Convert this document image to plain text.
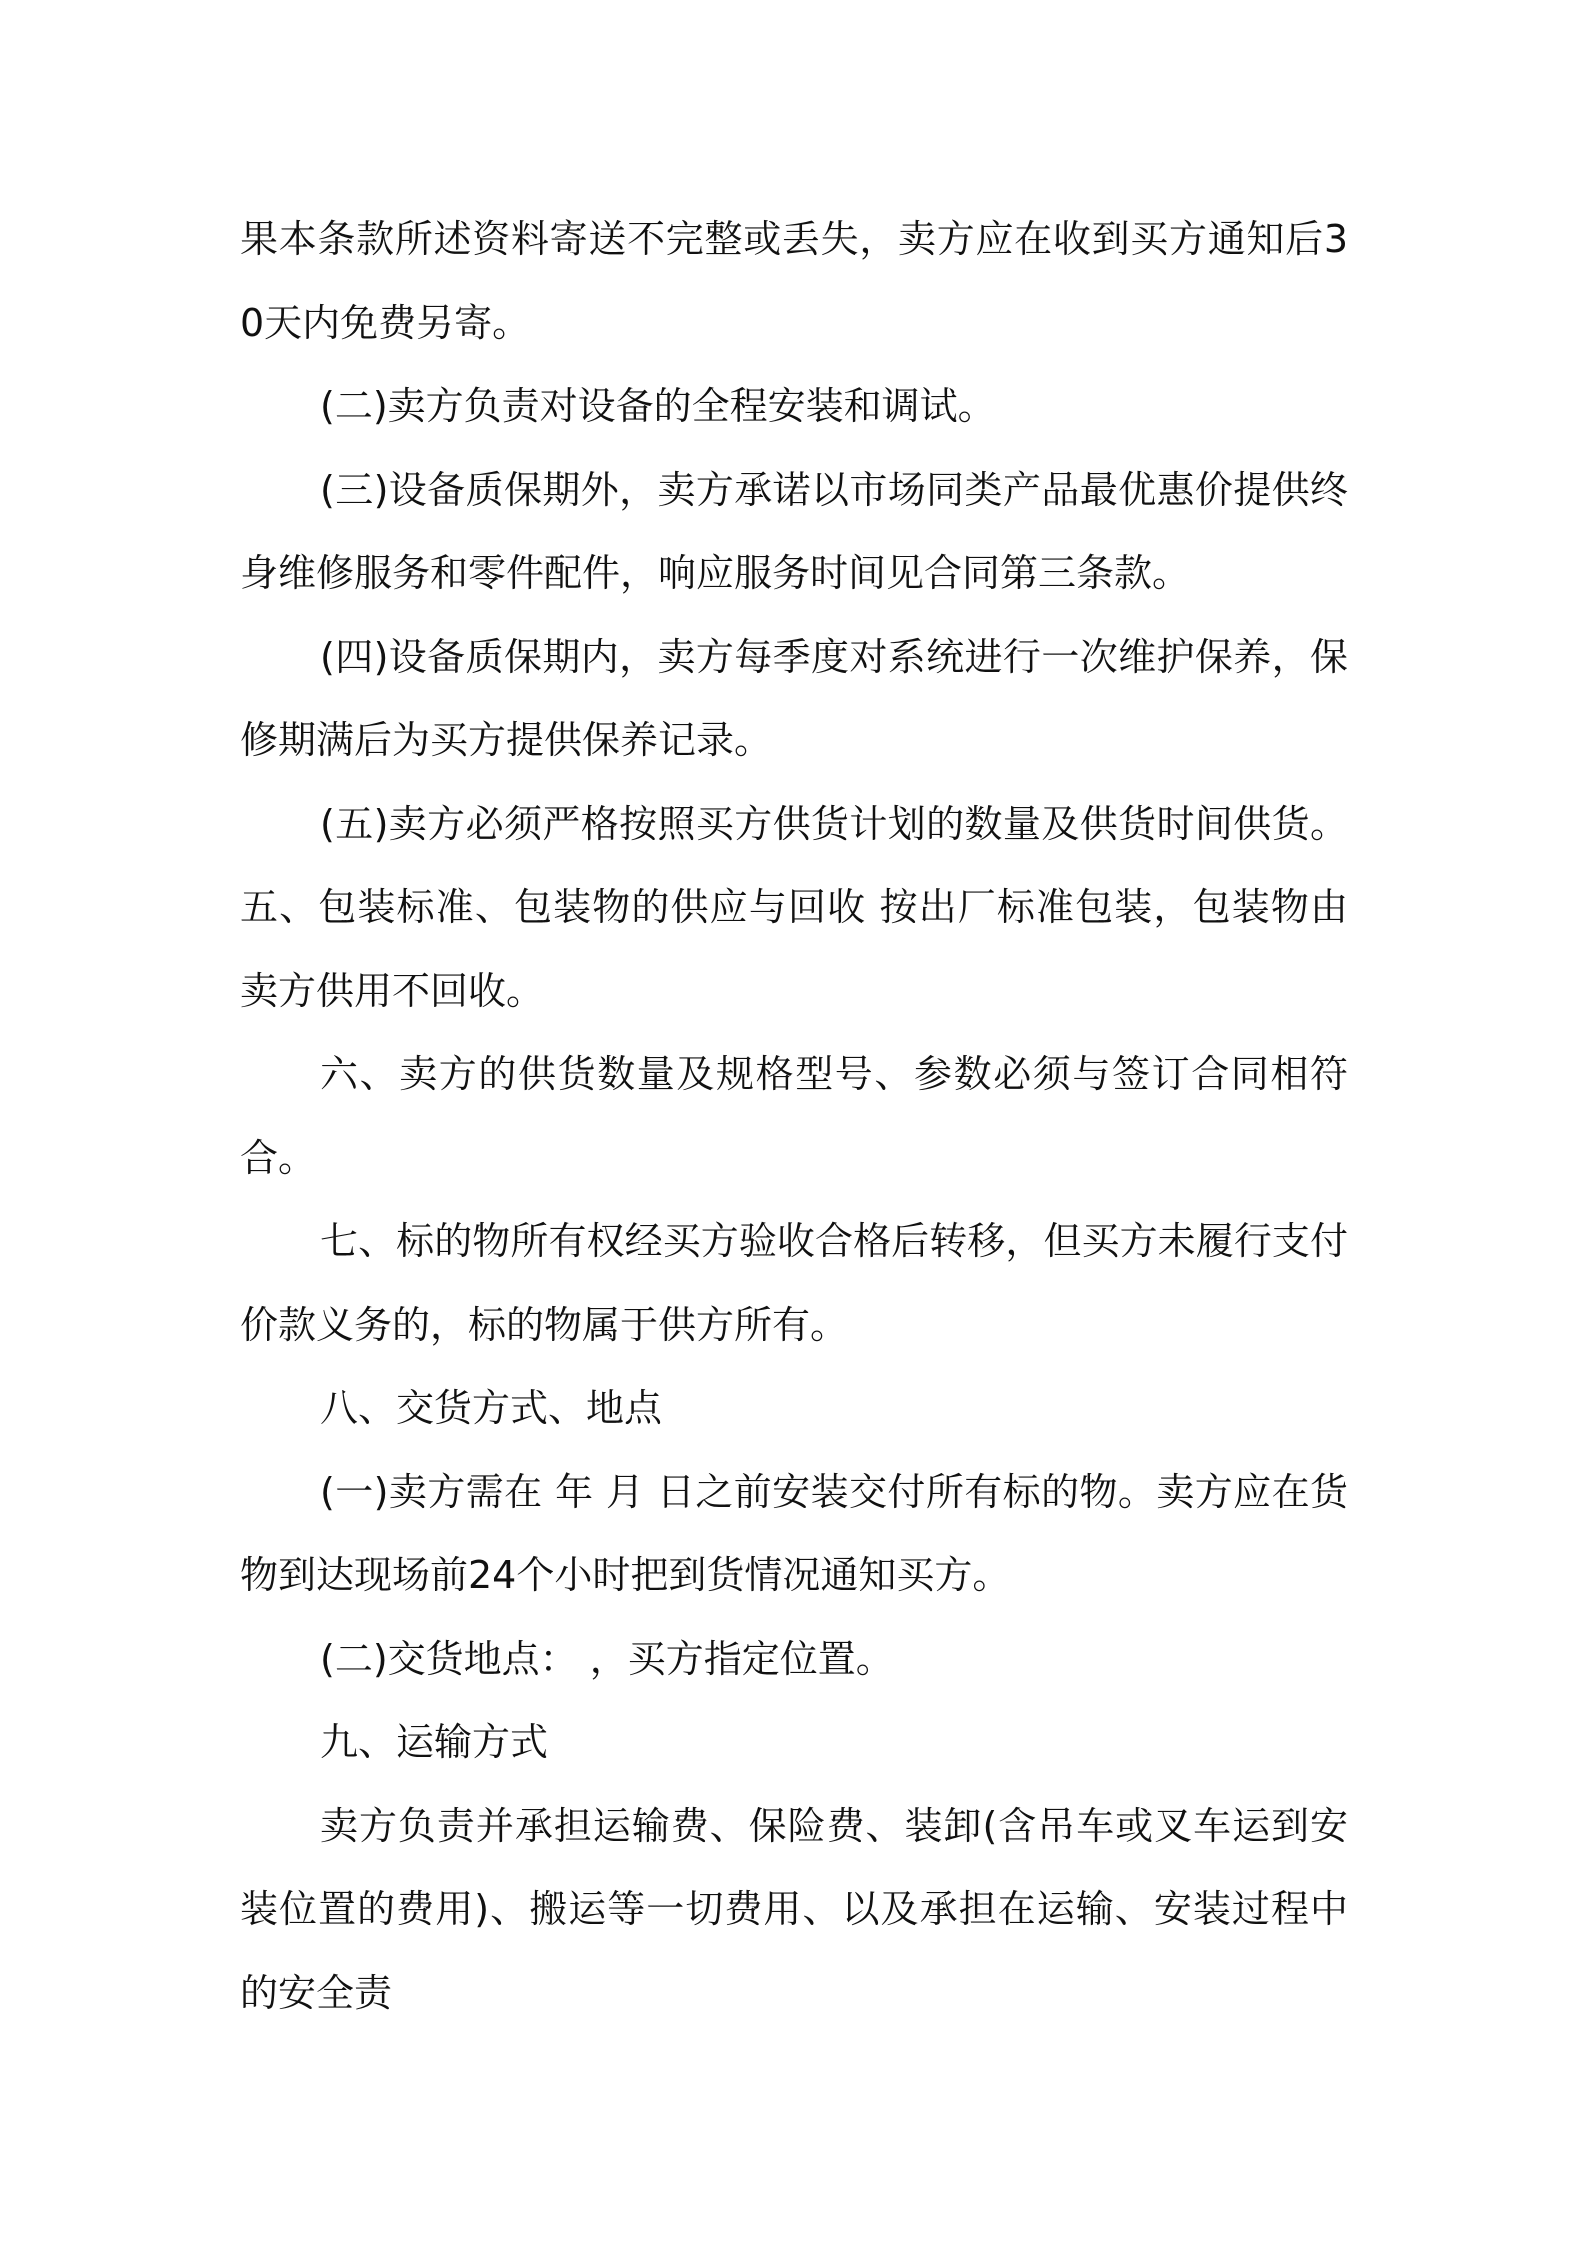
果本条款所述资料寄送不完整或丢失，卖方应在收到买方通知后30天内免费另寄。

(二)卖方负责对设备的全程安装和调试。

(三)设备质保期外，卖方承诺以市场同类产品最优惠价提供终身维修服务和零件配件，响应服务时间见合同第三条款。

(四)设备质保期内，卖方每季度对系统进行一次维护保养，保修期满后为买方提供保养记录。

(五)卖方必须严格按照买方供货计划的数量及供货时间供货。 五、包装标准、包装物的供应与回收 按出厂标准包装，包装物由卖方供用不回收。

六、卖方的供货数量及规格型号、参数必须与签订合同相符合。

七、标的物所有权经买方验收合格后转移，但买方未履行支付价款义务的，标的物属于供方所有。

八、交货方式、地点

(一)卖方需在 年 月 日之前安装交付所有标的物。卖方应在货物到达现场前24个小时把到货情况通知买方。

(二)交货地点： ，买方指定位置。

九、运输方式

卖方负责并承担运输费、保险费、装卸(含吊车或叉车运到安装位置的费用)、搬运等一切费用、以及承担在运输、安装过程中的安全责
